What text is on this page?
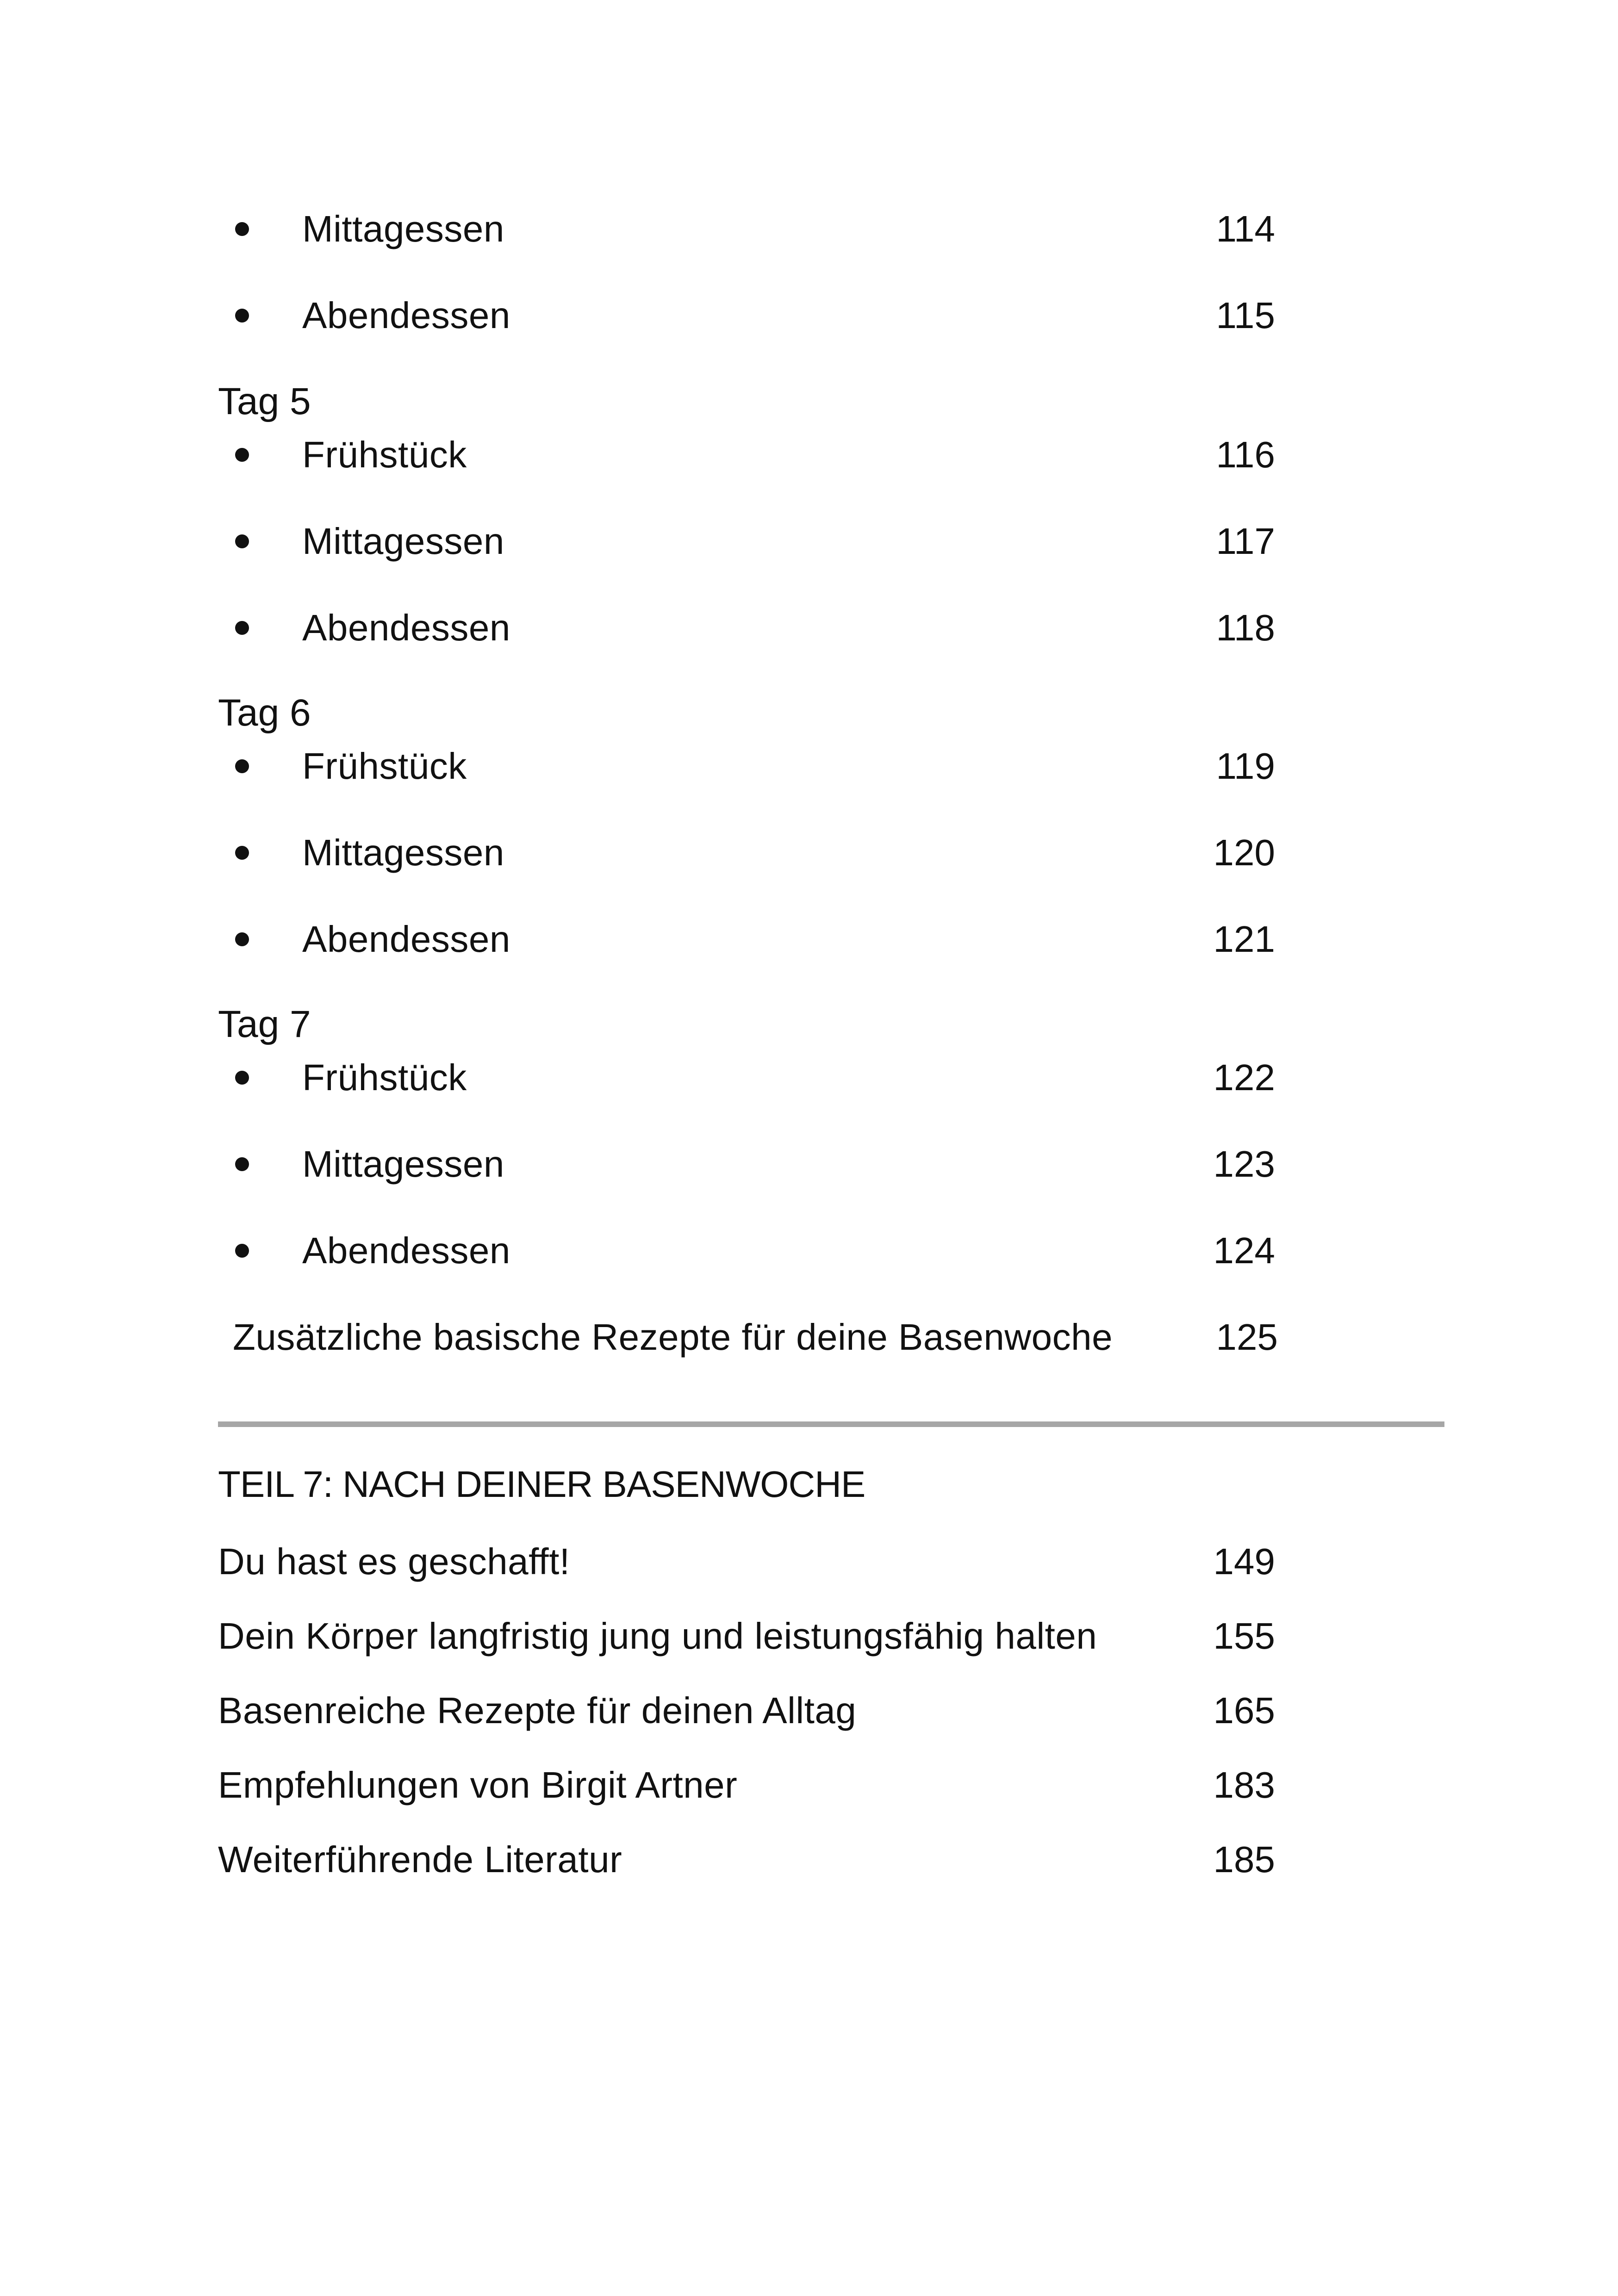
Mittagessen	114
Abendessen	115
Tag 5
Frühstück	116
Mittagessen	117
Abendessen	118
Tag 6
Frühstück	119
Mittagessen	120
Abendessen	121
Tag 7
Frühstück	122
Mittagessen	123
Abendessen	124
Zusätzliche basische Rezepte für deine Basenwoche	125
TEIL 7: NACH DEINER BASENWOCHE
Du hast es geschafft!	149
Dein Körper langfristig jung und leistungsfähig halten	155
Basenreiche Rezepte für deinen Alltag	165
Empfehlungen von Birgit Artner	183
Weiterführende Literatur	185
